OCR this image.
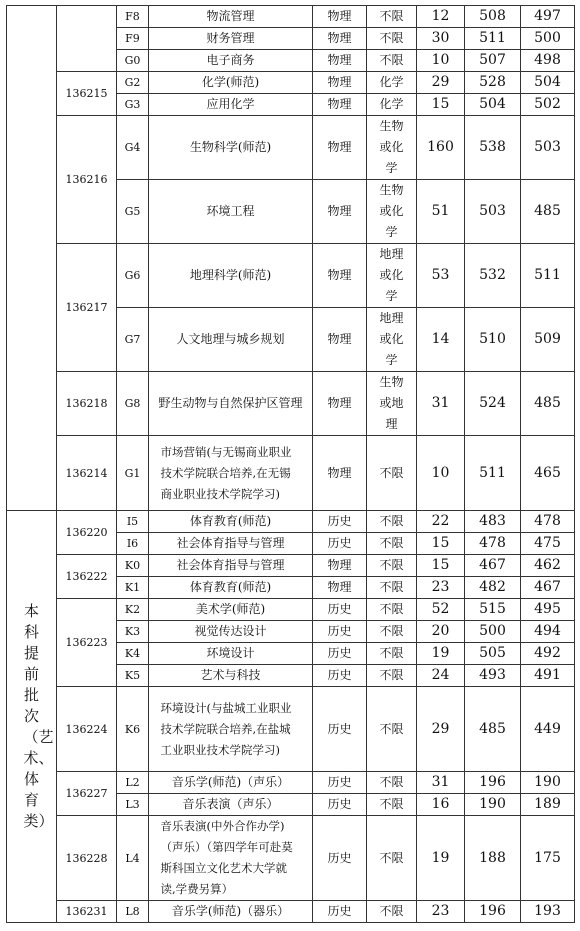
		F8	物流管理	物理	不限	12	508	497
		F9	财务管理	物理	不限	30	511	500
		G0	电子商务	物理	不限	10	507	498
	136215	G2	化学(师范)	物理	化学	29	528	504
		G3	应用化学	物理	化学	15	504	502
	136216	G4	生物科学(师范)	物理	生物或化学	160	538	503
		G5	环境工程	物理	生物或化学	51	503	485
	136217	G6	地理科学(师范)	物理	地理或化学	53	532	511
		G7	人文地理与城乡规划	物理	地理或化学	14	510	509
	136218	G8	野生动物与自然保护区管理	物理	生物或地理	31	524	485
	136214	G1	市场营销(与无锡商业职业技术学院联合培养,在无锡商业职业技术学院学习)	物理	不限	10	511	465
本科提前批次（艺术、体育类）	136220	I5	体育教育(师范)	历史	不限	22	483	478
		I6	社会体育指导与管理	历史	不限	15	478	475
	136222	K0	社会体育指导与管理	物理	不限	15	467	462
		K1	体育教育(师范)	物理	不限	23	482	467
	136223	K2	美术学(师范)	历史	不限	52	515	495
		K3	视觉传达设计	历史	不限	20	500	494
		K4	环境设计	历史	不限	19	505	492
		K5	艺术与科技	历史	不限	24	493	491
	136224	K6	环境设计(与盐城工业职业技术学院联合培养,在盐城工业职业技术学院学习)	历史	不限	29	485	449
	136227	L2	音乐学(师范)（声乐）	历史	不限	31	196	190
		L3	音乐表演（声乐）	历史	不限	16	190	189
	136228	L4	音乐表演(中外合作办学)（声乐）（第四学年可赴莫斯科国立文化艺术大学就读,学费另算）	历史	不限	19	188	175
	136231	L8	音乐学(师范)（器乐）	历史	不限	23	196	193
